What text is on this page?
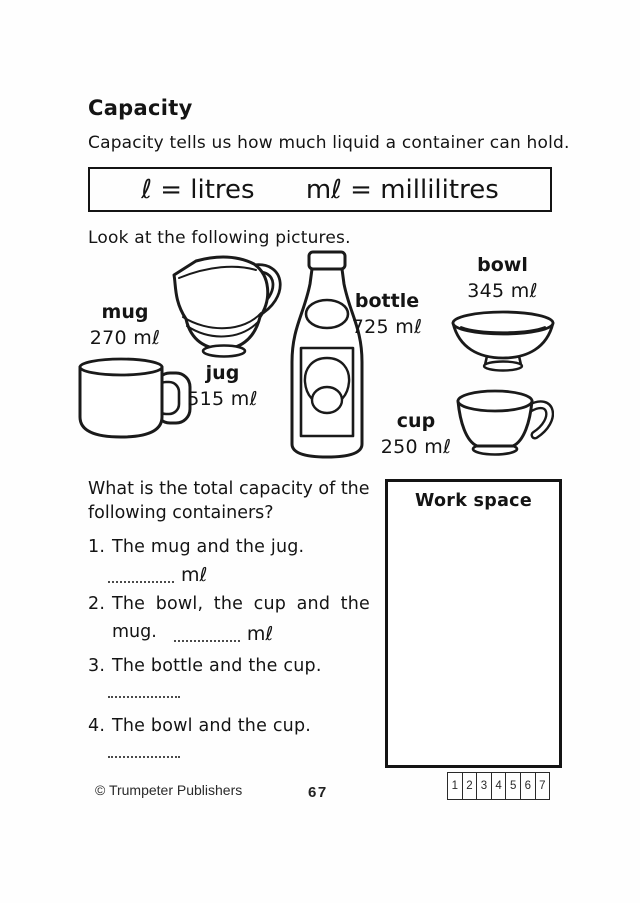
Capacity
Capacity tells us how much liquid a container can hold.
ℓ = litres mℓ = millilitres
Look at the following pictures.
mug
270 mℓ
jug
515 mℓ
bottle
725 mℓ
bowl
345 mℓ
cup
250 mℓ
What is the total capacity of the
following containers?
Work space
1. The mug and the jug.
mℓ
2. The bowl, the cup and the
mug.	mℓ
3. The bottle and the cup.
4. The bowl and the cup.
© Trumpeter Publishers	67	1 2 3 4 5 6 7
